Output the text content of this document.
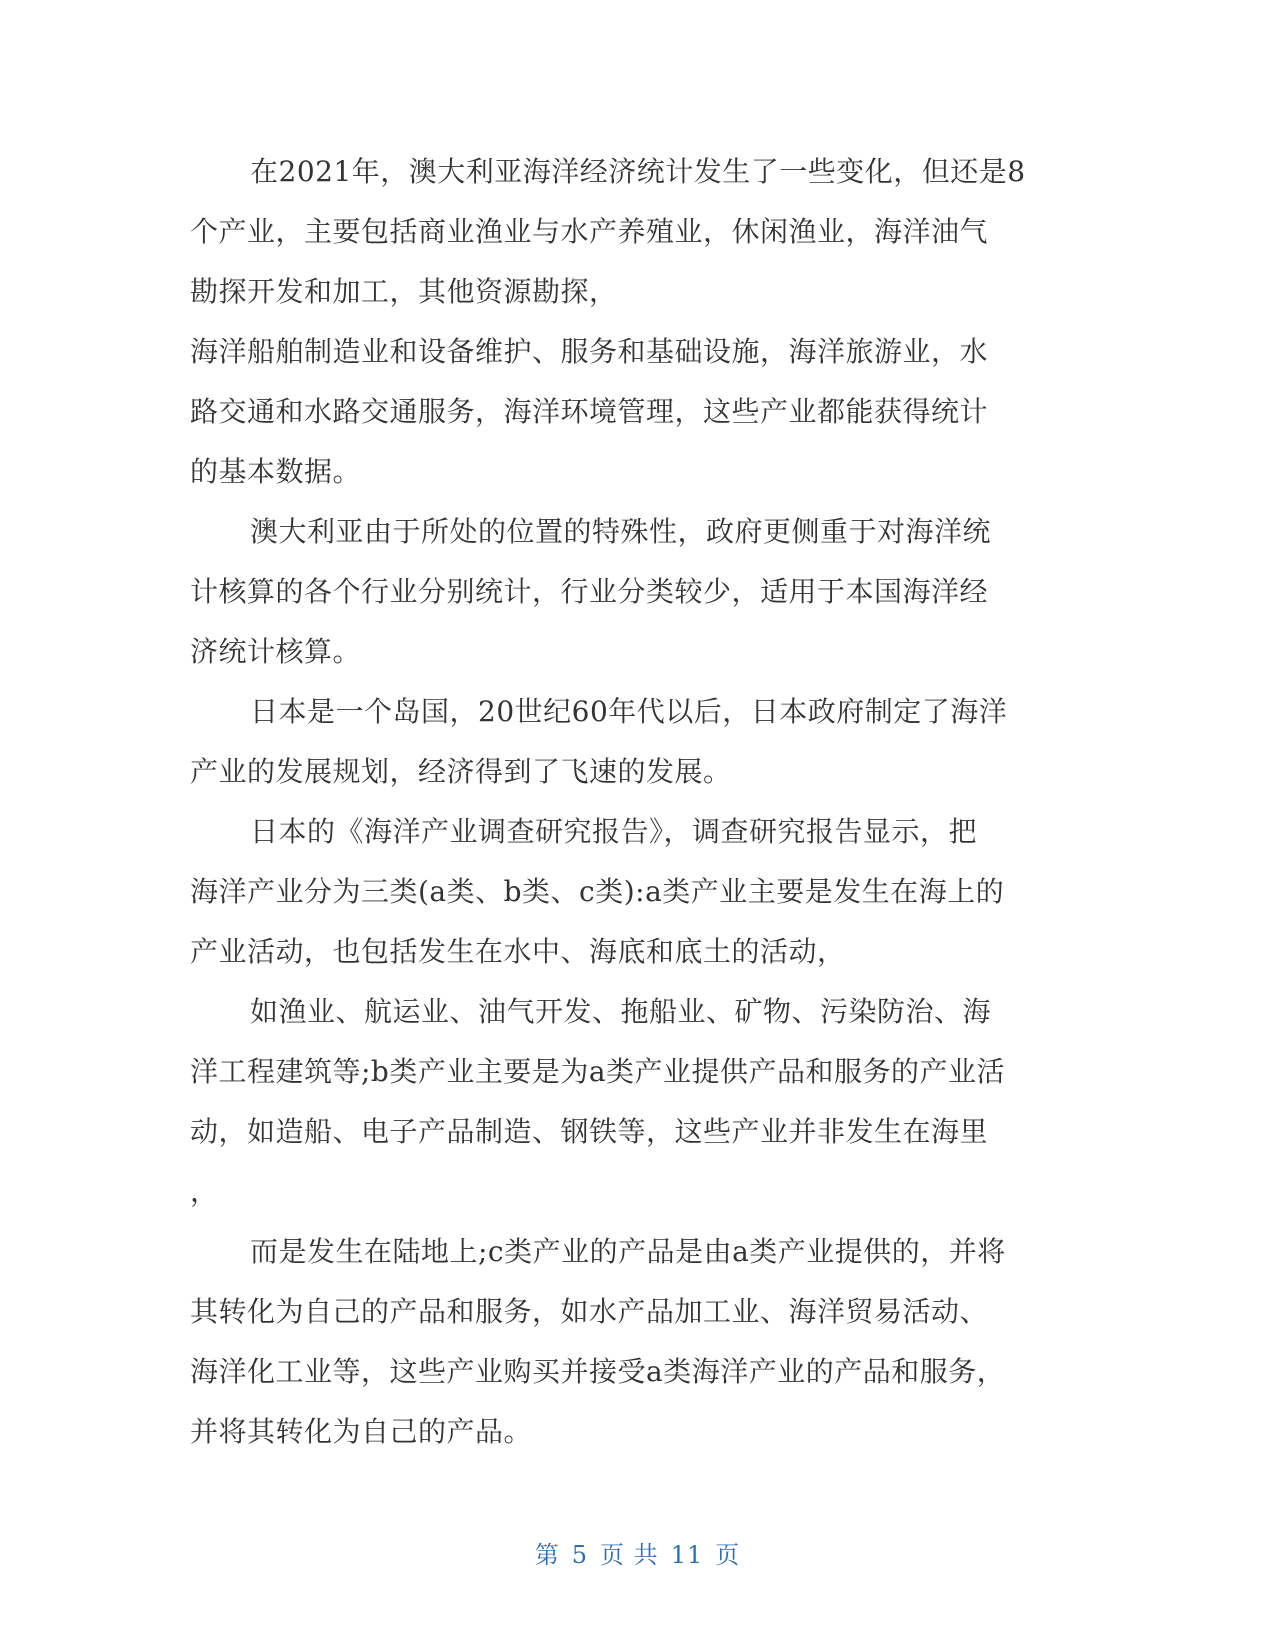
在2021年，澳大利亚海洋经济统计发生了一些变化，但还是8
个产业，主要包括商业渔业与水产养殖业，休闲渔业，海洋油气
勘探开发和加工，其他资源勘探，
海洋船舶制造业和设备维护、服务和基础设施，海洋旅游业，水
路交通和水路交通服务，海洋环境管理，这些产业都能获得统计
的基本数据。
澳大利亚由于所处的位置的特殊性，政府更侧重于对海洋统
计核算的各个行业分别统计，行业分类较少，适用于本国海洋经
济统计核算。
日本是一个岛国，20世纪60年代以后，日本政府制定了海洋
产业的发展规划，经济得到了飞速的发展。
日本的《海洋产业调查研究报告》，调查研究报告显示，把
海洋产业分为三类(a类、b类、c类):a类产业主要是发生在海上的
产业活动，也包括发生在水中、海底和底土的活动，
如渔业、航运业、油气开发、拖船业、矿物、污染防治、海
洋工程建筑等;b类产业主要是为a类产业提供产品和服务的产业活
动，如造船、电子产品制造、钢铁等，这些产业并非发生在海里
，
而是发生在陆地上;c类产业的产品是由a类产业提供的，并将
其转化为自己的产品和服务，如水产品加工业、海洋贸易活动、
海洋化工业等，这些产业购买并接受a类海洋产业的产品和服务，
并将其转化为自己的产品。
第 5 页 共 11 页
